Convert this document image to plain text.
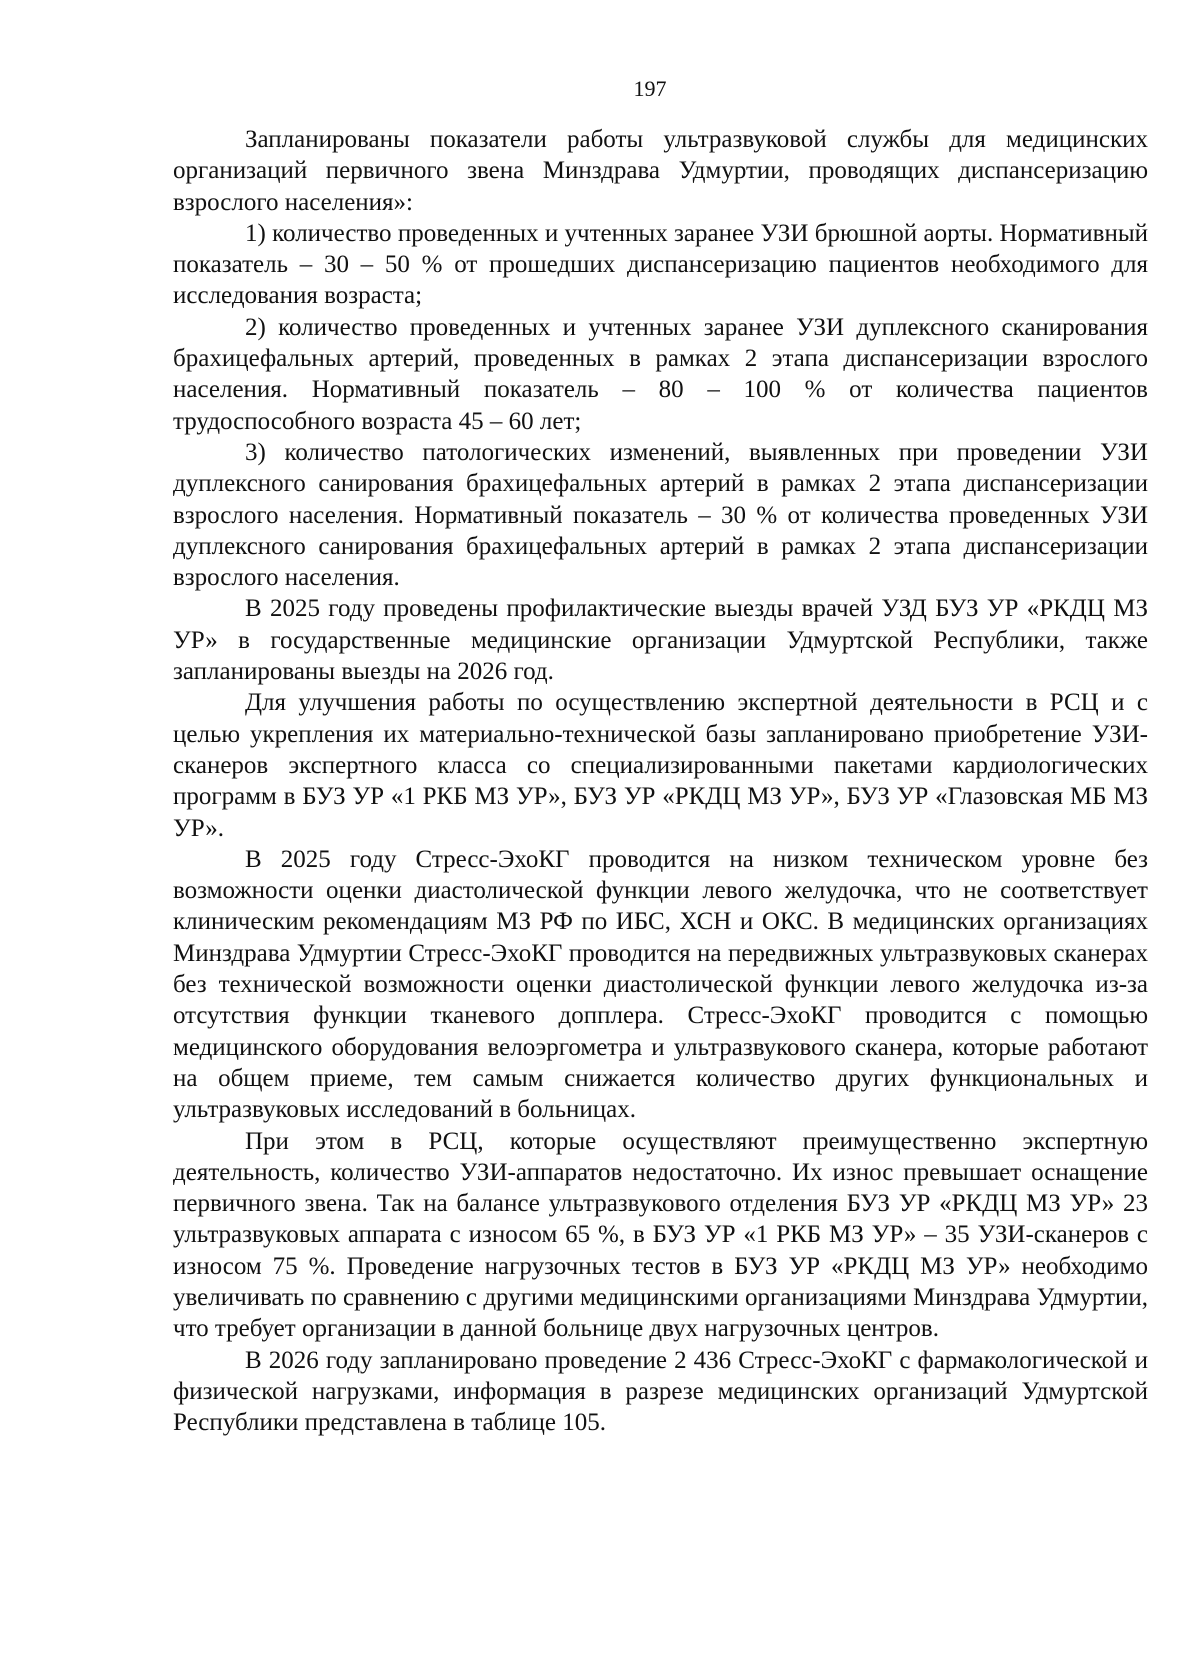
197

Запланированы показатели работы ультразвуковой службы для медицинских организаций первичного звена Минздрава Удмуртии, проводящих диспансеризацию взрослого населения»:

1) количество проведенных и учтенных заранее УЗИ брюшной аорты. Нормативный показатель – 30 – 50 % от прошедших диспансеризацию пациентов необходимого для исследования возраста;

2) количество проведенных и учтенных заранее УЗИ дуплексного сканирования брахицефальных артерий, проведенных в рамках 2 этапа диспансеризации взрослого населения. Нормативный показатель – 80 – 100 % от количества пациентов трудоспособного возраста 45 – 60 лет;

3) количество патологических изменений, выявленных при проведении УЗИ дуплексного санирования брахицефальных артерий в рамках 2 этапа диспансеризации взрослого населения. Нормативный показатель – 30 % от количества проведенных УЗИ дуплексного санирования брахицефальных артерий в рамках 2 этапа диспансеризации взрослого населения.

В 2025 году проведены профилактические выезды врачей УЗД БУЗ УР «РКДЦ МЗ УР» в государственные медицинские организации Удмуртской Республики, также запланированы выезды на 2026 год.

Для улучшения работы по осуществлению экспертной деятельности в РСЦ и с целью укрепления их материально-технической базы запланировано приобретение УЗИ-сканеров экспертного класса со специализированными пакетами кардиологических программ в БУЗ УР «1 РКБ МЗ УР», БУЗ УР «РКДЦ МЗ УР», БУЗ УР «Глазовская МБ МЗ УР».

В 2025 году Стресс-ЭхоКГ проводится на низком техническом уровне без возможности оценки диастолической функции левого желудочка, что не соответствует клиническим рекомендациям МЗ РФ по ИБС, ХСН и ОКС. В медицинских организациях Минздрава Удмуртии Стресс-ЭхоКГ проводится на передвижных ультразвуковых сканерах без технической возможности оценки диастолической функции левого желудочка из-за отсутствия функции тканевого допплера. Стресс-ЭхоКГ проводится с помощью медицинского оборудования велоэргометра и ультразвукового сканера, которые работают на общем приеме, тем самым снижается количество других функциональных и ультразвуковых исследований в больницах.

При этом в РСЦ, которые осуществляют преимущественно экспертную деятельность, количество УЗИ-аппаратов недостаточно. Их износ превышает оснащение первичного звена. Так на балансе ультразвукового отделения БУЗ УР «РКДЦ МЗ УР» 23 ультразвуковых аппарата с износом 65 %, в БУЗ УР «1 РКБ МЗ УР» – 35 УЗИ-сканеров с износом 75 %. Проведение нагрузочных тестов в БУЗ УР «РКДЦ МЗ УР» необходимо увеличивать по сравнению с другими медицинскими организациями Минздрава Удмуртии, что требует организации в данной больнице двух нагрузочных центров.

В 2026 году запланировано проведение 2 436 Стресс-ЭхоКГ с фармакологической и физической нагрузками, информация в разрезе медицинских организаций Удмуртской Республики представлена в таблице 105.
